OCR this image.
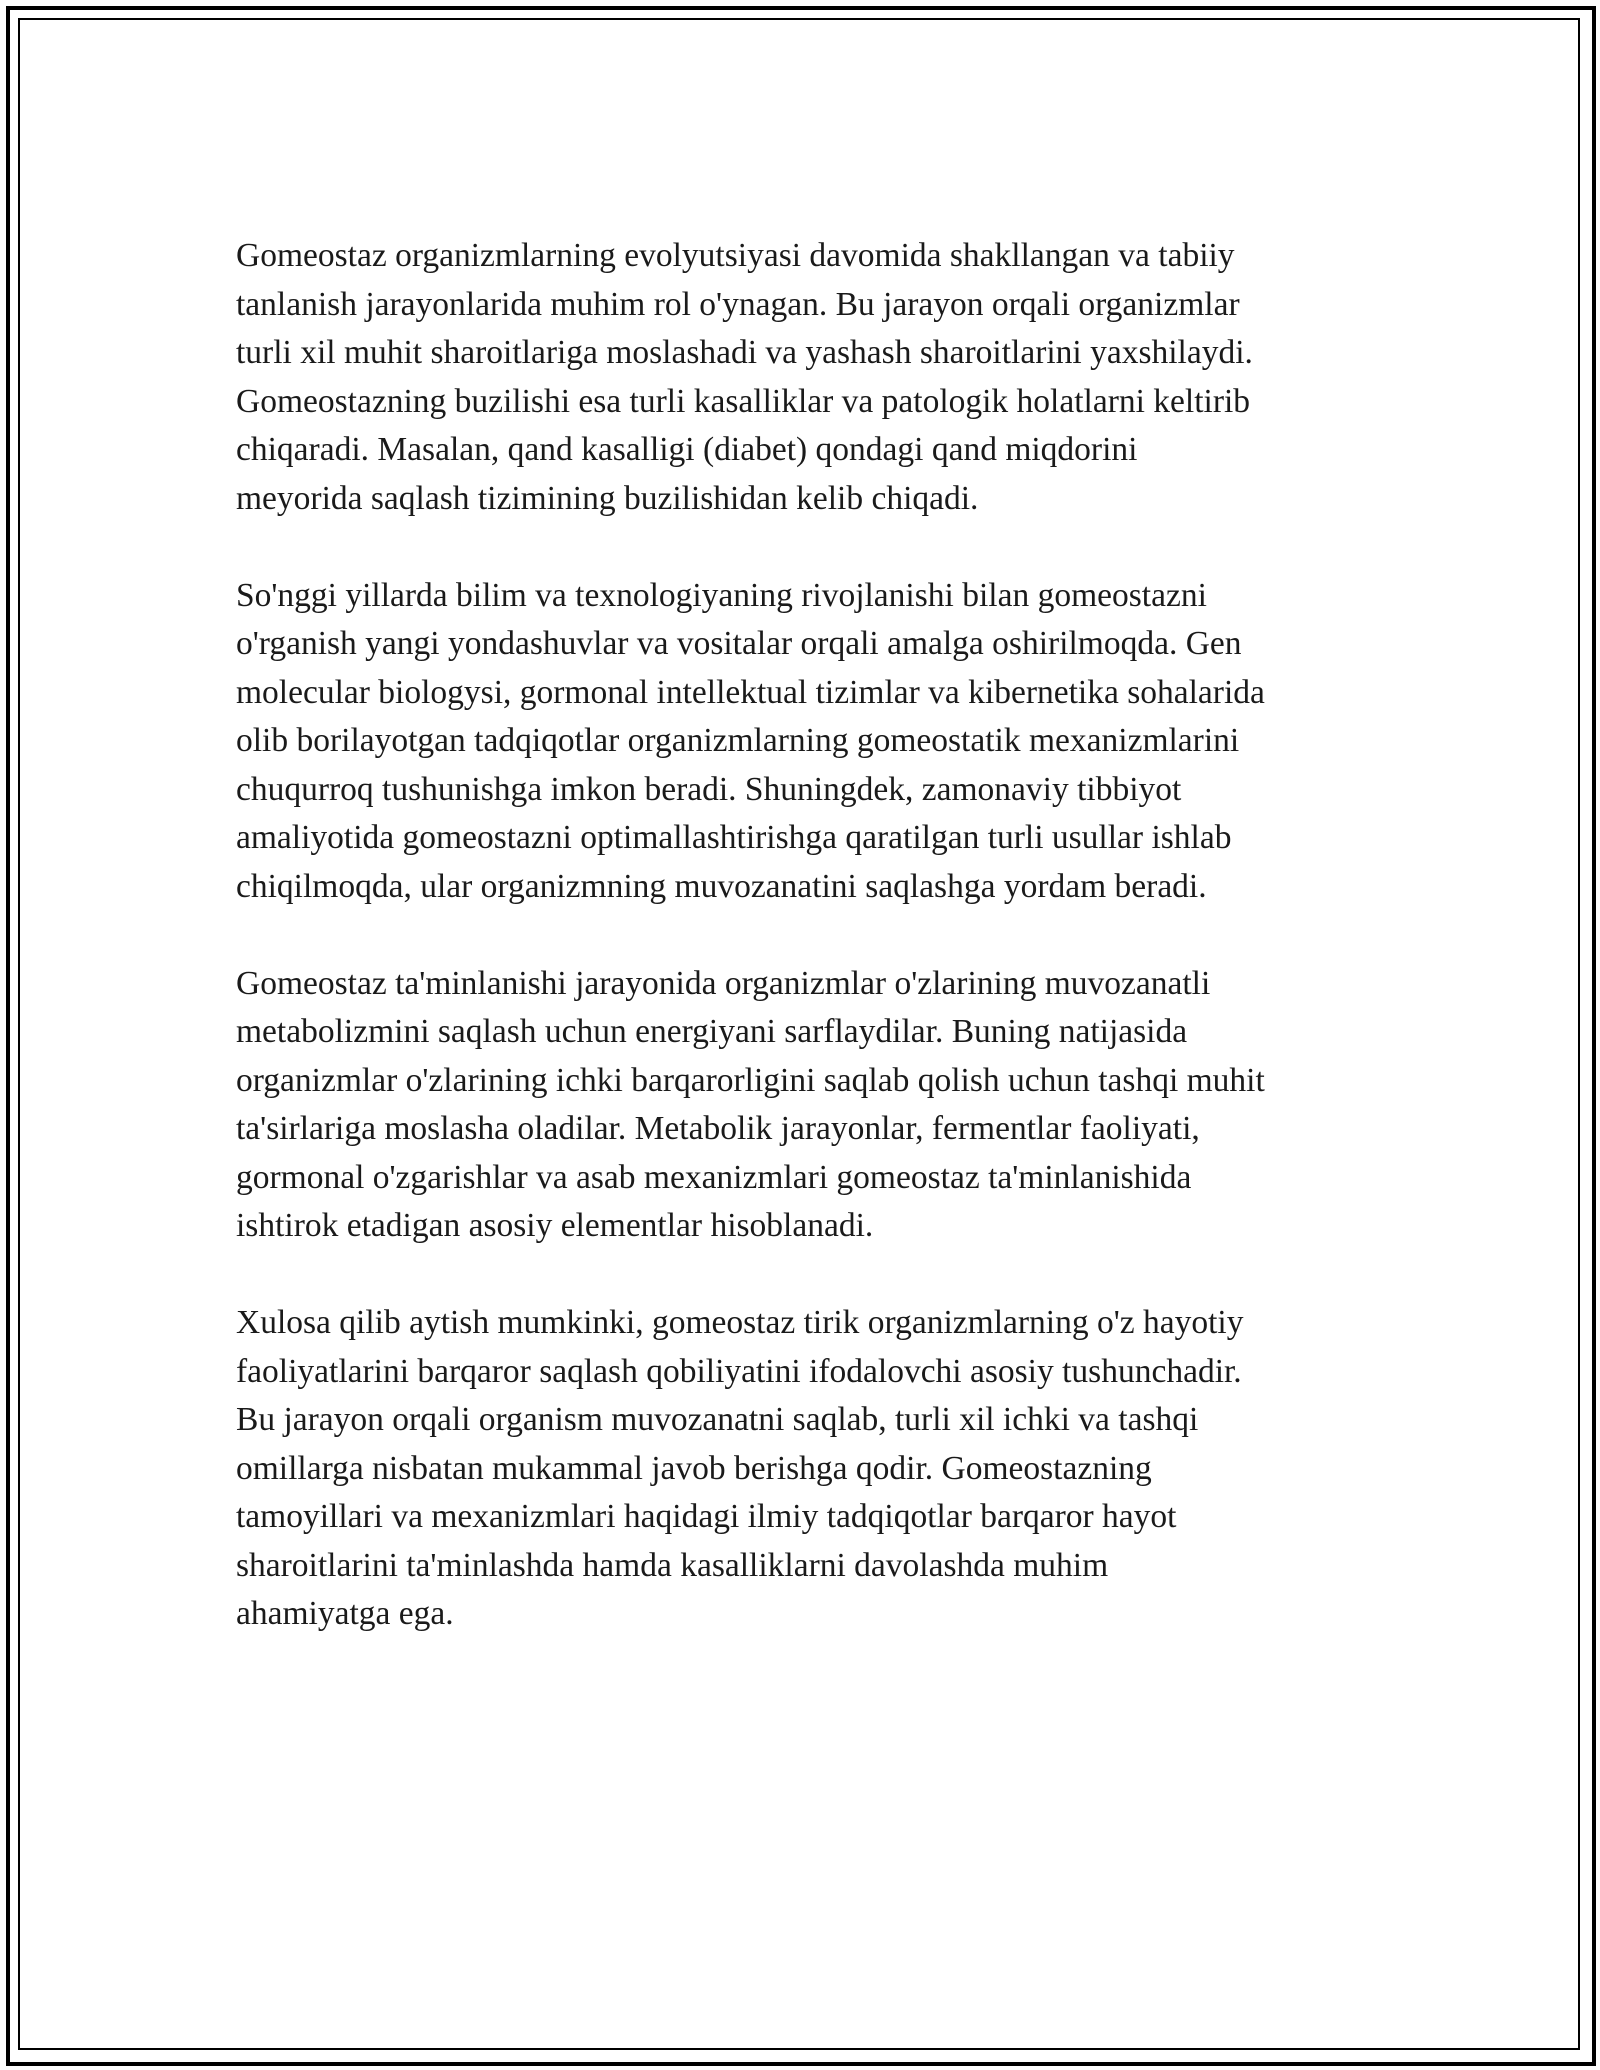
Gomeostaz organizmlarning evolyutsiyasi davomida shakllangan va tabiiy
tanlanish jarayonlarida muhim rol o'ynagan. Bu jarayon orqali organizmlar
turli xil muhit sharoitlariga moslashadi va yashash sharoitlarini yaxshilaydi.
Gomeostazning buzilishi esa turli kasalliklar va patologik holatlarni keltirib
chiqaradi. Masalan, qand kasalligi (diabet) qondagi qand miqdorini
meyorida saqlash tizimining buzilishidan kelib chiqadi.

So'nggi yillarda bilim va texnologiyaning rivojlanishi bilan gomeostazni
o'rganish yangi yondashuvlar va vositalar orqali amalga oshirilmoqda. Gen
molecular biologysi, gormonal intellektual tizimlar va kibernetika sohalarida
olib borilayotgan tadqiqotlar organizmlarning gomeostatik mexanizmlarini
chuqurroq tushunishga imkon beradi. Shuningdek, zamonaviy tibbiyot
amaliyotida gomeostazni optimallashtirishga qaratilgan turli usullar ishlab
chiqilmoqda, ular organizmning muvozanatini saqlashga yordam beradi.

Gomeostaz ta'minlanishi jarayonida organizmlar o'zlarining muvozanatli
metabolizmini saqlash uchun energiyani sarflaydilar. Buning natijasida
organizmlar o'zlarining ichki barqarorligini saqlab qolish uchun tashqi muhit
ta'sirlariga moslasha oladilar. Metabolik jarayonlar, fermentlar faoliyati,
gormonal o'zgarishlar va asab mexanizmlari gomeostaz ta'minlanishida
ishtirok etadigan asosiy elementlar hisoblanadi.

Xulosa qilib aytish mumkinki, gomeostaz tirik organizmlarning o'z hayotiy
faoliyatlarini barqaror saqlash qobiliyatini ifodalovchi asosiy tushunchadir.
Bu jarayon orqali organism muvozanatni saqlab, turli xil ichki va tashqi
omillarga nisbatan mukammal javob berishga qodir. Gomeostazning
tamoyillari va mexanizmlari haqidagi ilmiy tadqiqotlar barqaror hayot
sharoitlarini ta'minlashda hamda kasalliklarni davolashda muhim
ahamiyatga ega.
